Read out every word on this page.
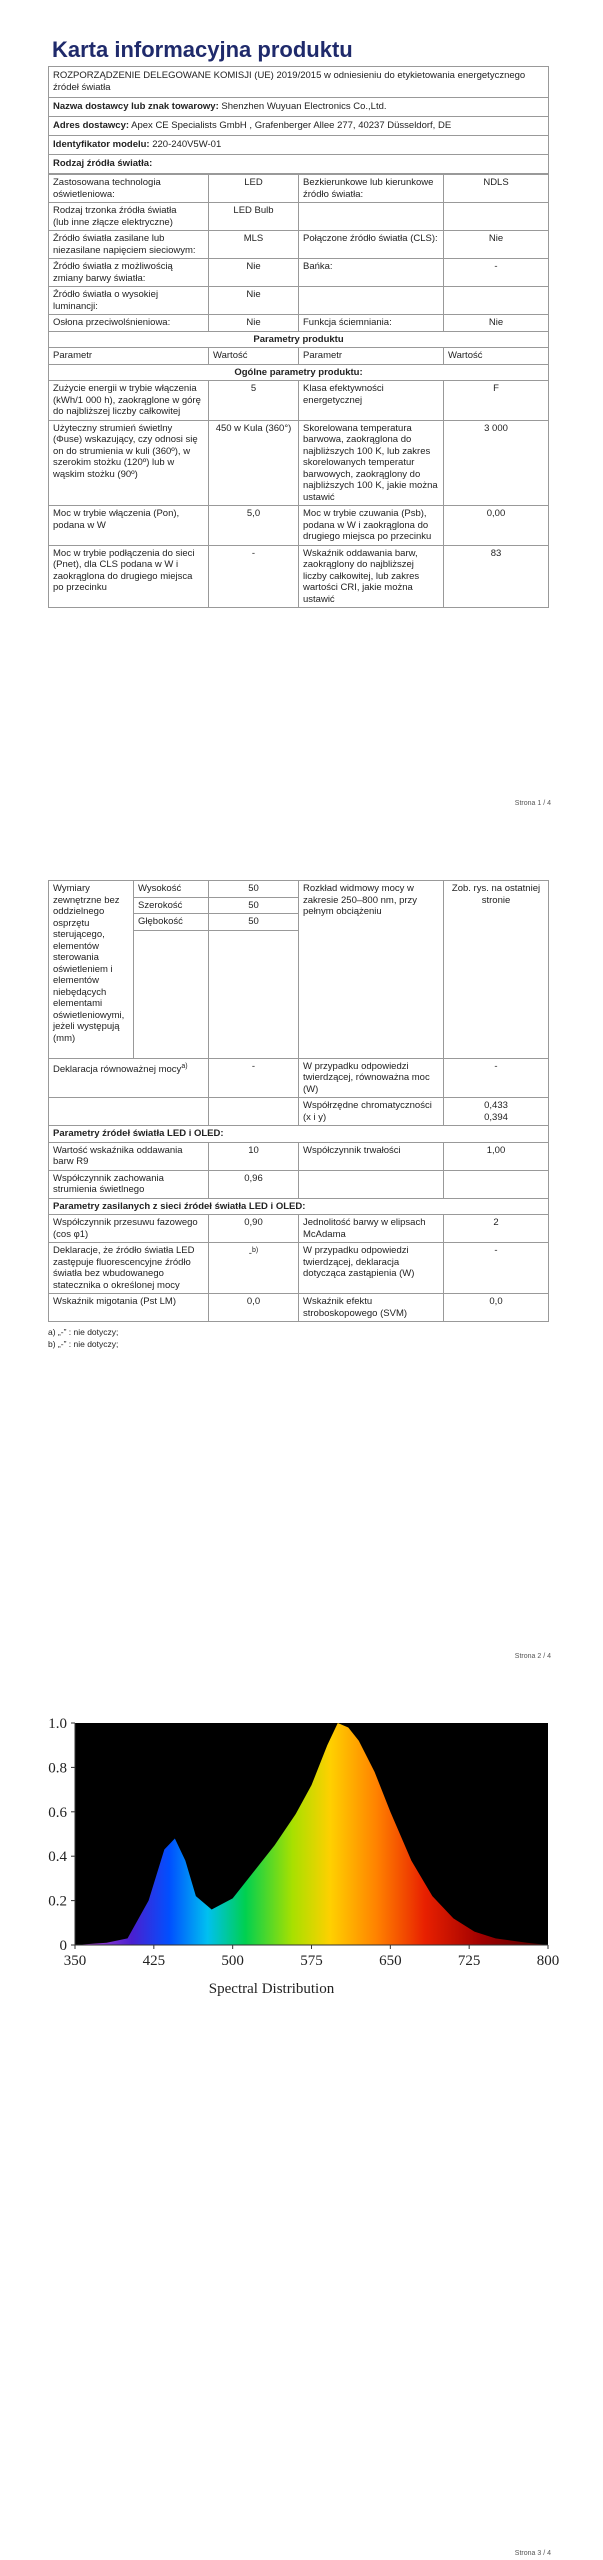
Karta informacyjna produktu
ROZPORZĄDZENIE DELEGOWANE KOMISJI (UE) 2019/2015 w odniesieniu do etykietowania energetycznego źródeł światła
Nazwa dostawcy lub znak towarowy: Shenzhen Wuyuan Electronics Co.,Ltd.
Adres dostawcy: Apex CE Specialists GmbH , Grafenberger Allee 277, 40237 Düsseldorf, DE
Identyfikator modelu: 220-240V5W-01
Rodzaj źródła światła:
Zastosowana technologia oświetleniowa:	LED	Bezkierunkowe lub kierunkowe źródło światła:	NDLS

Rodzaj trzonka źródła światła
(lub inne złącze elektryczne)	LED Bulb		
Źródło światła zasilane lub niezasilane napięciem sieciowym:	MLS	Połączone źródło światła (CLS):	Nie
Źródło światła z możliwością zmiany barwy światła:	Nie	Bańka:	-
Źródło światła o wysokiej luminancji:	Nie		
Osłona przeciwolśnieniowa:	Nie	Funkcja ściemniania:	Nie
Parametry produktu			
Parametr	Wartość	Parametr	Wartość
Ogólne parametry produktu:			
Zużycie energii w trybie włączenia (kWh/1 000 h), zaokrąglone w górę do najbliższej liczby całkowitej	5	Klasa efektywności energetycznej	F
Użyteczny strumień świetlny (Φuse) wskazujący, czy odnosi się on do strumienia w kuli (360º), w szerokim stożku (120º) lub w wąskim stożku (90º)	450 w Kula (360°)	Skorelowana temperatura barwowa, zaokrąglona do najbliższych 100 K, lub zakres skorelowanych temperatur barwowych, zaokrąglony do najbliższych 100 K, jakie można ustawić	3 000
Moc w trybie włączenia (Pon), podana w W	5,0	Moc w trybie czuwania (Psb), podana w W i zaokrąglona do drugiego miejsca po przecinku	0,00
Moc w trybie podłączenia do sieci (Pnet), dla CLS podana w W i zaokrąglona do drugiego miejsca po przecinku	-	Wskaźnik oddawania barw, zaokrąglony do najbliższej liczby całkowitej, lub zakres wartości CRI, jakie można ustawić	83
Strona 1 / 4
Wymiary zewnętrzne bez oddzielnego osprzętu sterującego, elementów sterowania oświetleniem i elementów niebędących elementami oświetleniowymi, jeżeli występują (mm)	Wysokość	50	Rozkład widmowy mocy w zakresie 250–800 nm, przy pełnym obciążeniu	Zob. rys. na ostatniej stronie
	Szerokość	50		
	Głębokość	50		

Deklaracja równoważnej mocy$^{a)}$		-	W przypadku odpowiedzi twierdzącej, równoważna moc (W)	-
			Współrzędne chromatyczności (x i y)	0,433
0,394

Parametry źródeł światła LED i OLED:				
Wartość wskaźnika oddawania barw R9		10	Współczynnik trwałości	1,00
Współczynnik zachowania strumienia świetlnego		0,96		
Parametry zasilanych z sieci źródeł światła LED i OLED:				
Współczynnik przesuwu fazowego (cos φ1)		0,90	Jednolitość barwy w elipsach McAdama	2
Deklaracje, że źródło światła LED zastępuje fluorescencyjne źródło światła bez wbudowanego statecznika o określonej mocy		-$^{b)}$	W przypadku odpowiedzi twierdzącej, deklaracja dotycząca zastąpienia (W)	-
Wskaźnik migotania (Pst LM)		0,0	Wskaźnik efektu stroboskopowego (SVM)	0,0
a) „-” : nie dotyczy;
b) „-” : nie dotyczy;
Strona 2 / 4
0
0.2
0.4
0.6
0.8
1.0
350	425	500	575	650	725	800
Spectral Distribution
Strona 3 / 4
